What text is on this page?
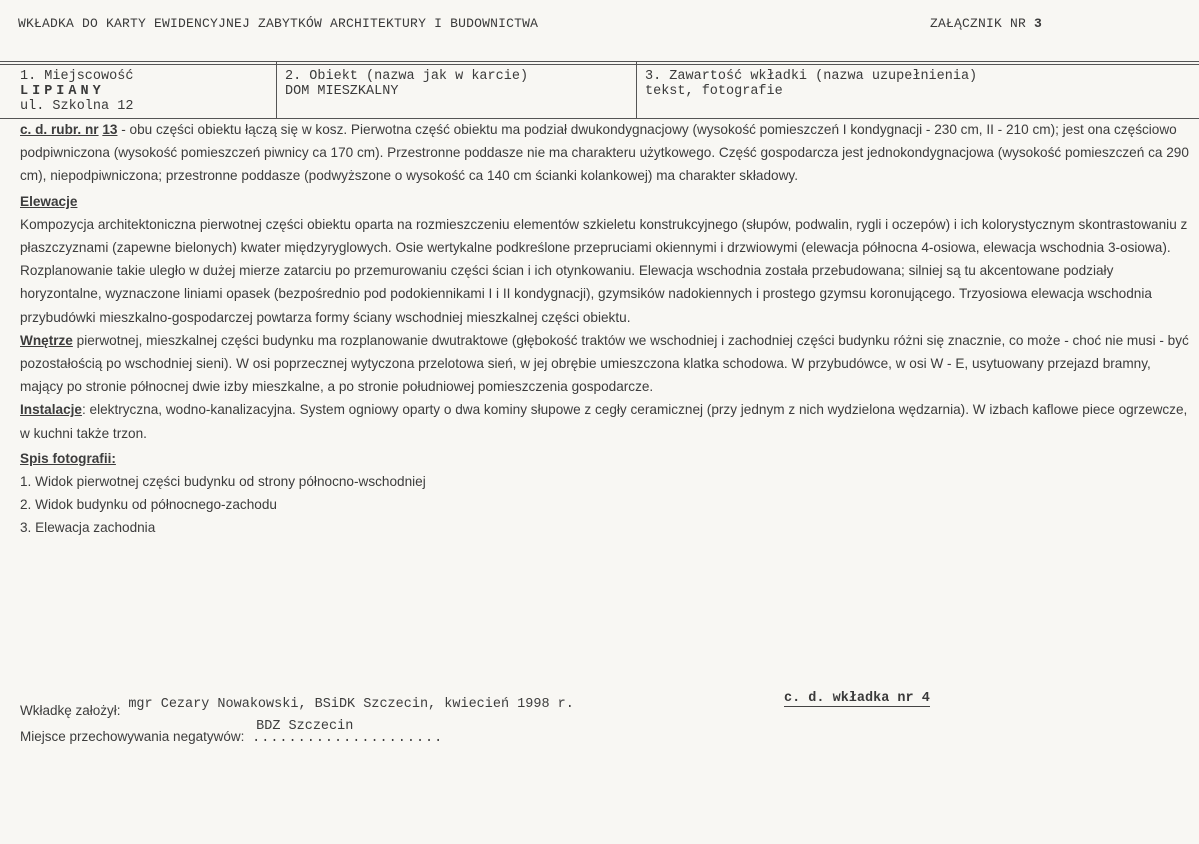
WKŁADKA DO KARTY EWIDENCYJNEJ ZABYTKÓW ARCHITEKTURY I BUDOWNICTWA	ZAŁĄCZNIK NR 3
1. Miejscowość
LIPIANY
ul. Szkolna 12
2. Obiekt (nazwa jak w karcie)
DOM MIESZKALNY
3. Zawartość wkładki (nazwa uzupełnienia)
tekst, fotografie

c. d. rubr. nr 13 - obu części obiektu łączą się w kosz. Pierwotna część obiektu ma podział dwukondygnacjowy (wysokość pomieszczeń I kondygnacji - 230 cm, II - 210 cm); jest ona częściowo podpiwniczona (wysokość pomieszczeń piwnicy ca 170 cm). Przestronne poddasze nie ma charakteru użytkowego. Część gospodarcza jest jednokondygnacjowa (wysokość pomieszczeń ca 290 cm), niepodpiwniczona; przestronne poddasze (podwyższone o wysokość ca 140 cm ścianki kolankowej) ma charakter składowy.

Elewacje

Kompozycja architektoniczna pierwotnej części obiektu oparta na rozmieszczeniu elementów szkieletu konstrukcyjnego (słupów, podwalin, rygli i oczepów) i ich kolorystycznym skontrastowaniu z płaszczyznami (zapewne bielonych) kwater międzyryglowych. Osie wertykalne podkreślone przepruciami okiennymi i drzwiowymi (elewacja północna 4-osiowa, elewacja wschodnia 3-osiowa). Rozplanowanie takie uległo w dużej mierze zatarciu po przemurowaniu części ścian i ich otynkowaniu. Elewacja wschodnia została przebudowana; silniej są tu akcentowane podziały horyzontalne, wyznaczone liniami opasek (bezpośrednio pod podokiennikami I i II kondygnacji), gzymsików nadokiennych i prostego gzymsu koronującego. Trzyosiowa elewacja wschodnia przybudówki mieszkalno-gospodarczej powtarza formy ściany wschodniej mieszkalnej części obiektu.

Wnętrze pierwotnej, mieszkalnej części budynku ma rozplanowanie dwutraktowe (głębokość traktów we wschodniej i zachodniej części budynku różni się znacznie, co może - choć nie musi - być pozostałością po wschodniej sieni). W osi poprzecznej wytyczona przelotowa sień, w jej obrębie umieszczona klatka schodowa. W przybudówce, w osi W - E, usytuowany przejazd bramny, mający po stronie północnej dwie izby mieszkalne, a po stronie południowej pomieszczenia gospodarcze.

Instalacje: elektryczna, wodno-kanalizacyjna. System ogniowy oparty o dwa kominy słupowe z cegły ceramicznej (przy jednym z nich wydzielona wędzarnia). W izbach kaflowe piece ogrzewcze, w kuchni także trzon.

Spis fotografii:

1. Widok pierwotnej części budynku od strony północno-wschodniej

2. Widok budynku od północnego-zachodu

3. Elewacja zachodnia

Wkładkę założył: mgr Cezary Nowakowski, BSiDK Szczecin, kwiecień 1998 r.	c. d. wkładka nr 4
Miejsce przechowywania negatywów:
BDZ Szczecin
.....................
